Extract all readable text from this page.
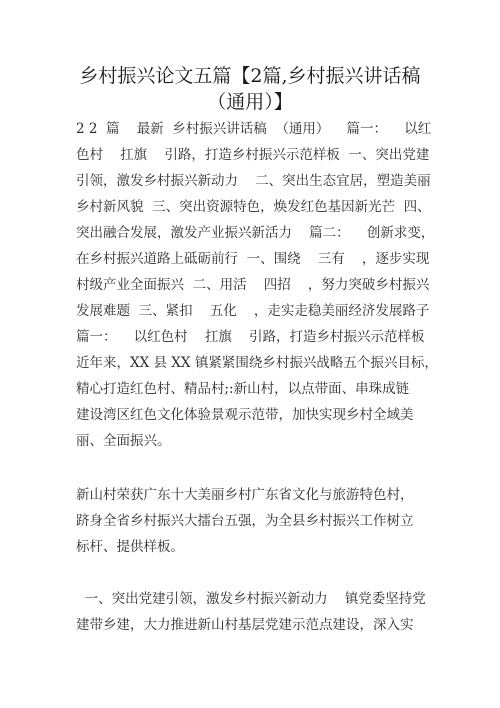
乡村振兴论文五篇【2篇,乡村振兴讲话稿
（通用）】
2 2  篇    最新  乡村振兴讲话稿  （通用）    篇一：    以红
色村    扛旗    引路，打造乡村振兴示范样板  一、突出党建
引领，激发乡村振兴新动力    二、突出生态宜居，塑造美丽
乡村新风貌  三、突出资源特色，焕发红色基因新光芒  四、
突出融合发展，激发产业振兴新活力    篇二：    创新求变，
在乡村振兴道路上砥砺前行  一、围绕    三有    ，逐步实现
村级产业全面振兴  二、用活    四招    ，努力突破乡村振兴
发展难题  三、紧扣    五化    ，走实走稳美丽经济发展路子
篇一：    以红色村    扛旗    引路，打造乡村振兴示范样板
近年来，XX 县 XX 镇紧紧围绕乡村振兴战略五个振兴目标，
精心打造红色村、精品村;:新山村，以点带面、串珠成链
建设湾区红色文化体验景观示范带，加快实现乡村全域美
丽、全面振兴。
新山村荣获广东十大美丽乡村广东省文化与旅游特色村，
跻身全省乡村振兴大擂台五强，为全县乡村振兴工作树立
标杆、提供样板。
一、突出党建引领，激发乡村振兴新动力    镇党委坚持党
建带乡建，大力推进新山村基层党建示范点建设，深入实
